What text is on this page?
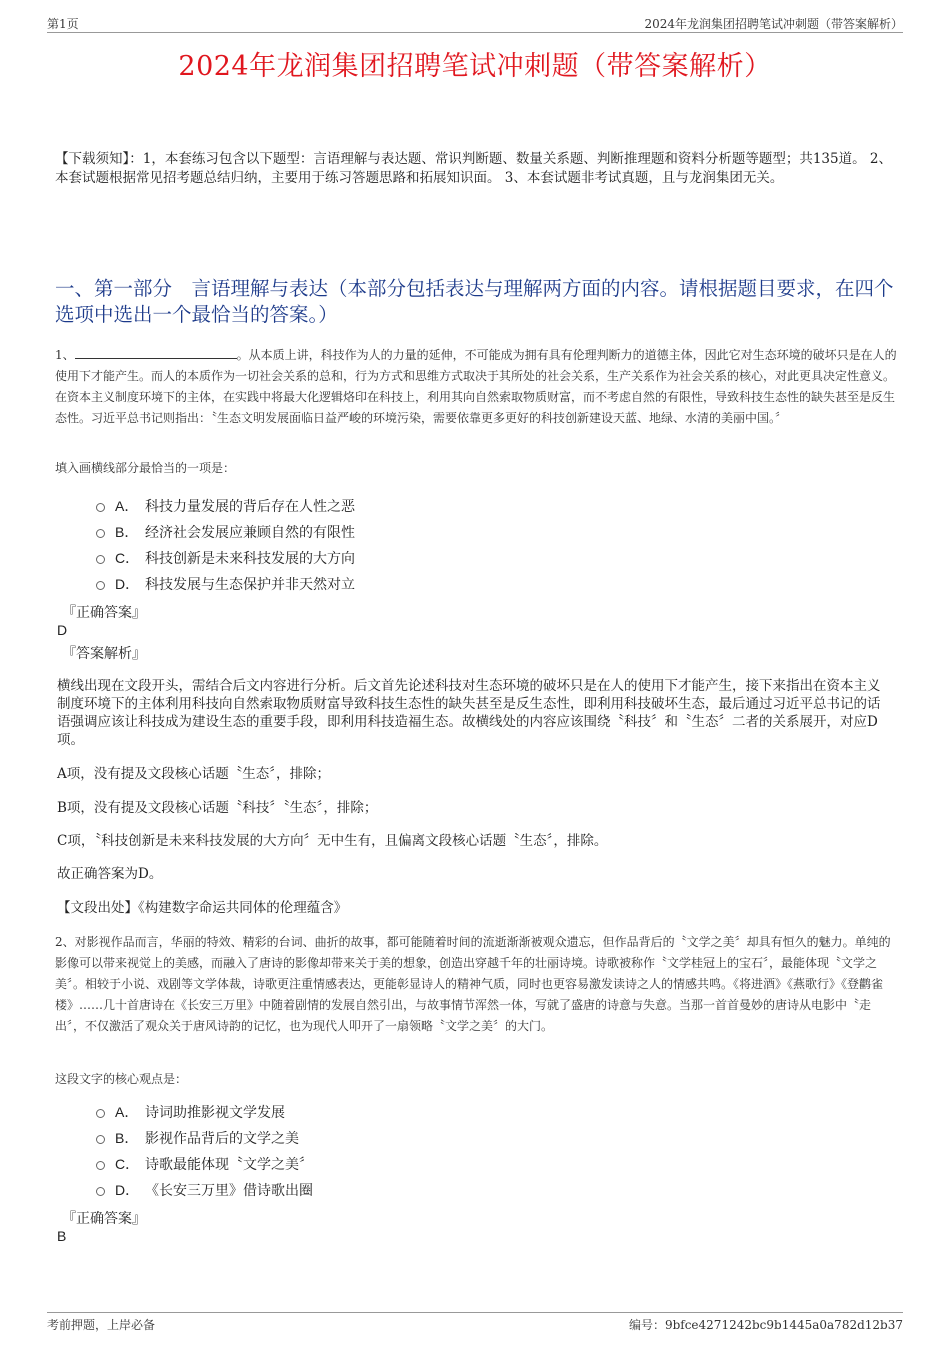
第1页	2024年龙润集团招聘笔试冲刺题（带答案解析）
2024年龙润集团招聘笔试冲刺题（带答案解析）
【下载须知】：1，本套练习包含以下题型：言语理解与表达题、常识判断题、数量关系题、判断推理题和资料分析题等题型；共135道。 2、本套试题根据常见招考题总结归纳，主要用于练习答题思路和拓展知识面。 3、本套试题非考试真题，且与龙润集团无关。
一、第一部分　言语理解与表达（本部分包括表达与理解两方面的内容。请根据题目要求，在四个选项中选出一个最恰当的答案。）
1、	。从本质上讲，科技作为人的力量的延伸，不可能成为拥有具有伦理判断力的道德主体，因此它对生态环境的破坏只是在人的使用下才能产生。而人的本质作为一切社会关系的总和，行为方式和思维方式取决于其所处的社会关系，生产关系作为社会关系的核心，对此更具决定性意义。在资本主义制度环境下的主体，在实践中将最大化逻辑烙印在科技上，利用其向自然索取物质财富，而不考虑自然的有限性，导致科技生态性的缺失甚至是反生态性。习近平总书记则指出：〝生态文明发展面临日益严峻的环境污染，需要依靠更多更好的科技创新建设天蓝、地绿、水清的美丽中国。〞
填入画横线部分最恰当的一项是：
A． 科技力量发展的背后存在人性之恶
B． 经济社会发展应兼顾自然的有限性
C． 科技创新是未来科技发展的大方向
D． 科技发展与生态保护并非天然对立
『正确答案』
D
『答案解析』
横线出现在文段开头，需结合后文内容进行分析。后文首先论述科技对生态环境的破坏只是在人的使用下才能产生，接下来指出在资本主义制度环境下的主体利用科技向自然索取物质财富导致科技生态性的缺失甚至是反生态性，即利用科技破坏生态，最后通过习近平总书记的话语强调应该让科技成为建设生态的重要手段，即利用科技造福生态。故横线处的内容应该围绕〝科技〞和〝生态〞二者的关系展开，对应D项。
A项，没有提及文段核心话题〝生态〞，排除；
B项，没有提及文段核心话题〝科技〞〝生态〞，排除；
C项，〝科技创新是未来科技发展的大方向〞无中生有，且偏离文段核心话题〝生态〞，排除。
故正确答案为D。
【文段出处】《构建数字命运共同体的伦理蕴含》
2、对影视作品而言，华丽的特效、精彩的台词、曲折的故事，都可能随着时间的流逝渐渐被观众遗忘，但作品背后的〝文学之美〞却具有恒久的魅力。单纯的影像可以带来视觉上的美感，而融入了唐诗的影像却带来关于美的想象，创造出穿越千年的壮丽诗境。诗歌被称作〝文学桂冠上的宝石〞，最能体现〝文学之美〞。相较于小说、戏剧等文学体裁，诗歌更注重情感表达，更能彰显诗人的精神气质，同时也更容易激发读诗之人的情感共鸣。《将进酒》《燕歌行》《登鹳雀楼》……几十首唐诗在《长安三万里》中随着剧情的发展自然引出，与故事情节浑然一体，写就了盛唐的诗意与失意。当那一首首曼妙的唐诗从电影中〝走出〞，不仅激活了观众关于唐风诗韵的记忆，也为现代人叩开了一扇领略〝文学之美〞的大门。
这段文字的核心观点是：
A． 诗词助推影视文学发展
B． 影视作品背后的文学之美
C． 诗歌最能体现〝文学之美〞
D． 《长安三万里》借诗歌出圈
『正确答案』
B
考前押题，上岸必备	编号：9bfce4271242bc9b1445a0a782d12b37
